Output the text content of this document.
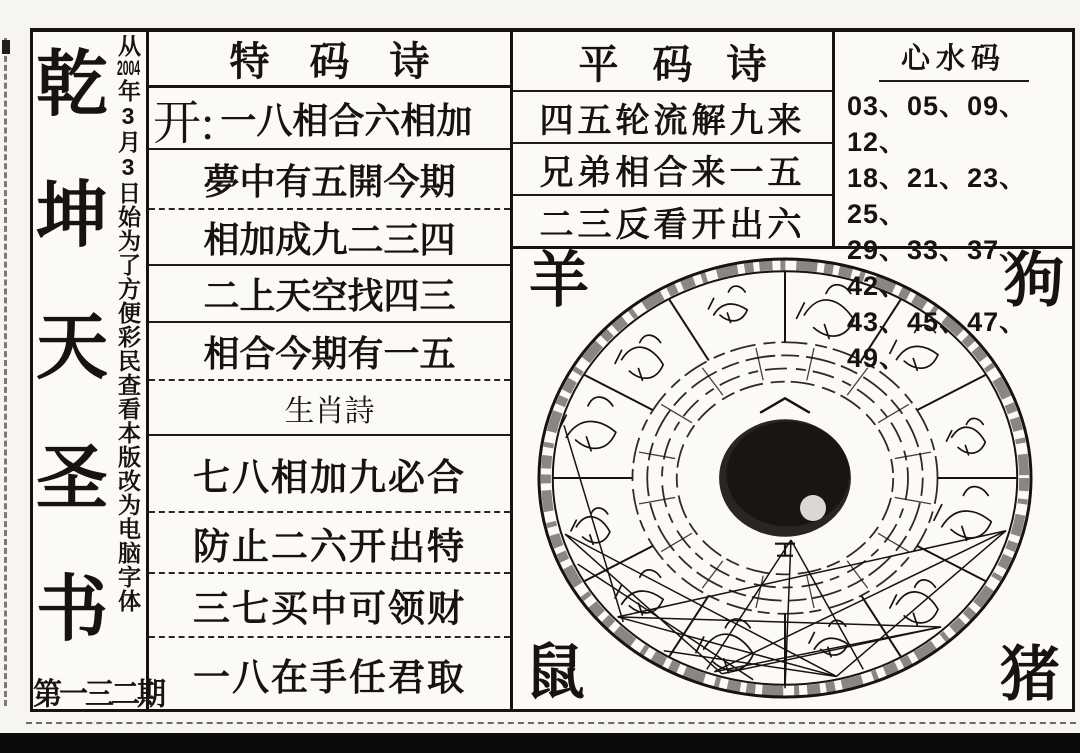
乾
坤
天
圣
书
从2004年3月3日始为了方便彩民查看本版改为电脑字体
第一三二期
特码诗
开: 一八相合六相加
夢中有五開今期
相加成九二三四
二上天空找四三
相合今期有一五
生肖詩
七八相加九必合
防止二六开出特
三七买中可领财
一八在手任君取
平码诗
四五轮流解九来
兄弟相合来一五
二三反看开出六
心水码
03、05、09、12、
18、21、23、25、
29、33、37、42、
43、45、47、49、
羊	狗
鼠	猪
